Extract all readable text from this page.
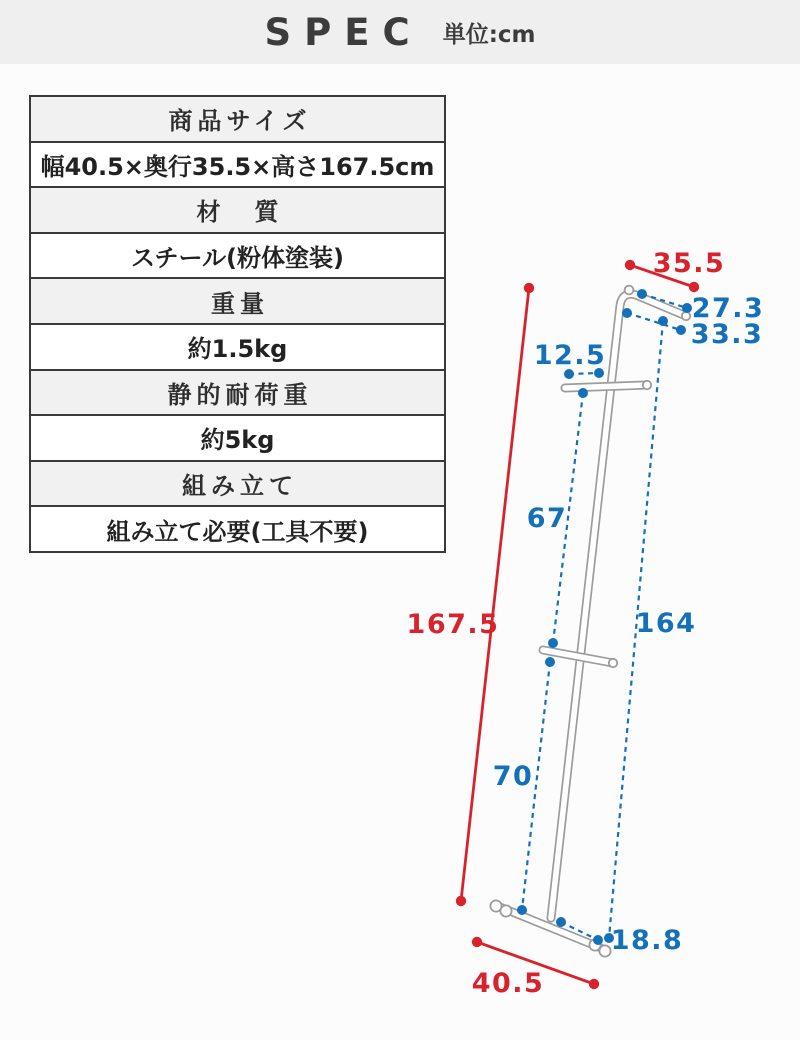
SPEC 単位:cm
商品サイズ
幅40.5×奥行35.5×高さ167.5cm
材　質
スチール(粉体塗装)
重量
約1.5kg
静的耐荷重
約5kg
組み立て
組み立て必要(工具不要)
27.3
33.3
12.5
67
164
70
18.8
35.5
167.5
40.5
